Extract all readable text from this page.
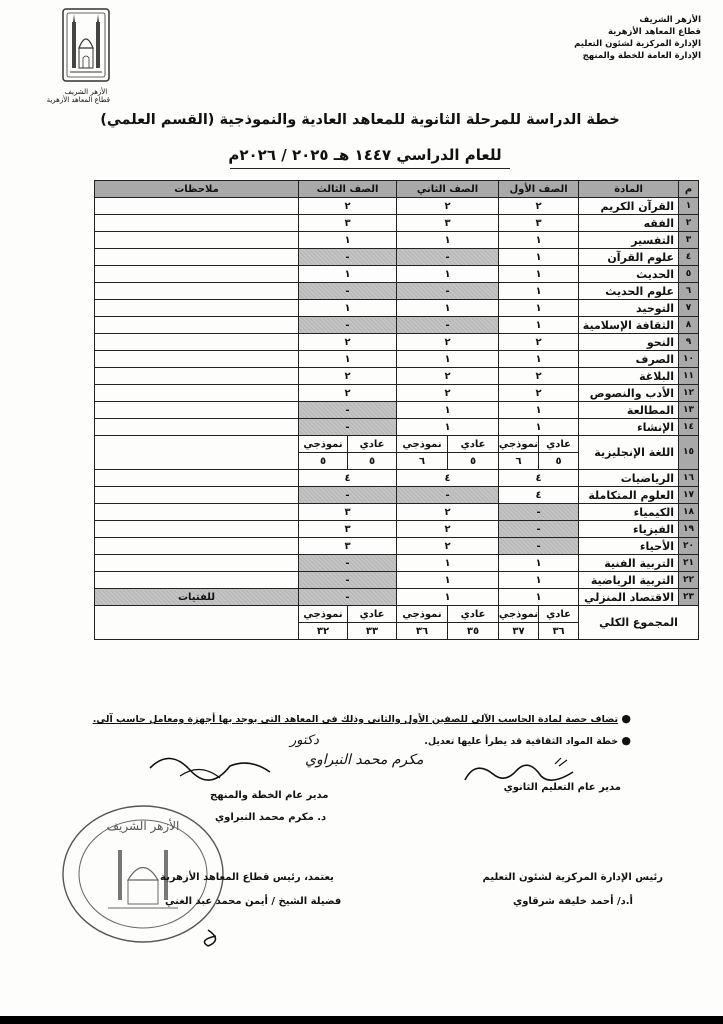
الأزهر الشريف
قطاع المعاهد الأزهرية
الأزهر الشريف
قطاع المعاهد الأزهرية
الإدارة المركزية لشئون التعليم
الإدارة العامة للخطة والمنهج
خطة الدراسة للمرحلة الثانوية للمعاهد العادية والنموذجية (القسم العلمي)
للعام الدراسي ١٤٤٧ هـ ٢٠٢٥ / ٢٠٢٦م
م	المادة	الصف الأول		الصف الثاني		الصف الثالث		ملاحظات
١	القرآن الكريم	٢		٢		٢		
٢	الفقه	٣		٣		٣		
٣	التفسير	١		١		١		
٤	علوم القرآن	١		-		-		
٥	الحديث	١		١		١		
٦	علوم الحديث	١		-		-		
٧	التوحيد	١		١		١		
٨	الثقافة الإسلامية	١		-		-		
٩	النحو	٢		٢		٢		
١٠	الصرف	١		١		١		
١١	البلاغة	٢		٢		٢		
١٢	الأدب والنصوص	٢		٢		٢		
١٣	المطالعة	١		١		-		
١٤	الإنشاء	١		١		-		
١٥	اللغة الإنجليزية	عادي	نموذجي	عادي	نموذجي	عادي	نموذجي	
		٥	٦	٥	٦	٥	٥	
١٦	الرياضيات	٤		٤		٤		
١٧	العلوم المتكاملة	٤		-		-		
١٨	الكيمياء	-		٢		٣		
١٩	الفيزياء	-		٢		٣		
٢٠	الأحياء	-		٢		٣		
٢١	التربية الفنية	١		١		-		
٢٢	التربية الرياضية	١		١		-		
٢٣	الاقتصاد المنزلي	١		١		-		للفتيات
المجموع الكلي		عادي	نموذجي	عادي	نموذجي	عادي	نموذجي	
		٣٦	٣٧	٣٥	٣٦	٣٣	٣٢	
● تضاف حصة لمادة الحاسب الآلي للصفين الأول والثاني وذلك في المعاهد التي يوجد بها أجهزة ومعامل حاسب آلي.
● خطة المواد الثقافية قد يطرأ عليها تعديل.
دكتور
مكرم محمد النبراوي
مدير عام الخطة والمنهج
د. مكرم محمد النبراوي
مدير عام التعليم الثانوي
الأزهر الشريف
يعتمد، رئيس قطاع المعاهد الأزهرية
فضيلة الشيخ / أيمن محمد عبد الغني
رئيس الإدارة المركزية لشئون التعليم
أ.د/ أحمد خليفة شرقاوي
